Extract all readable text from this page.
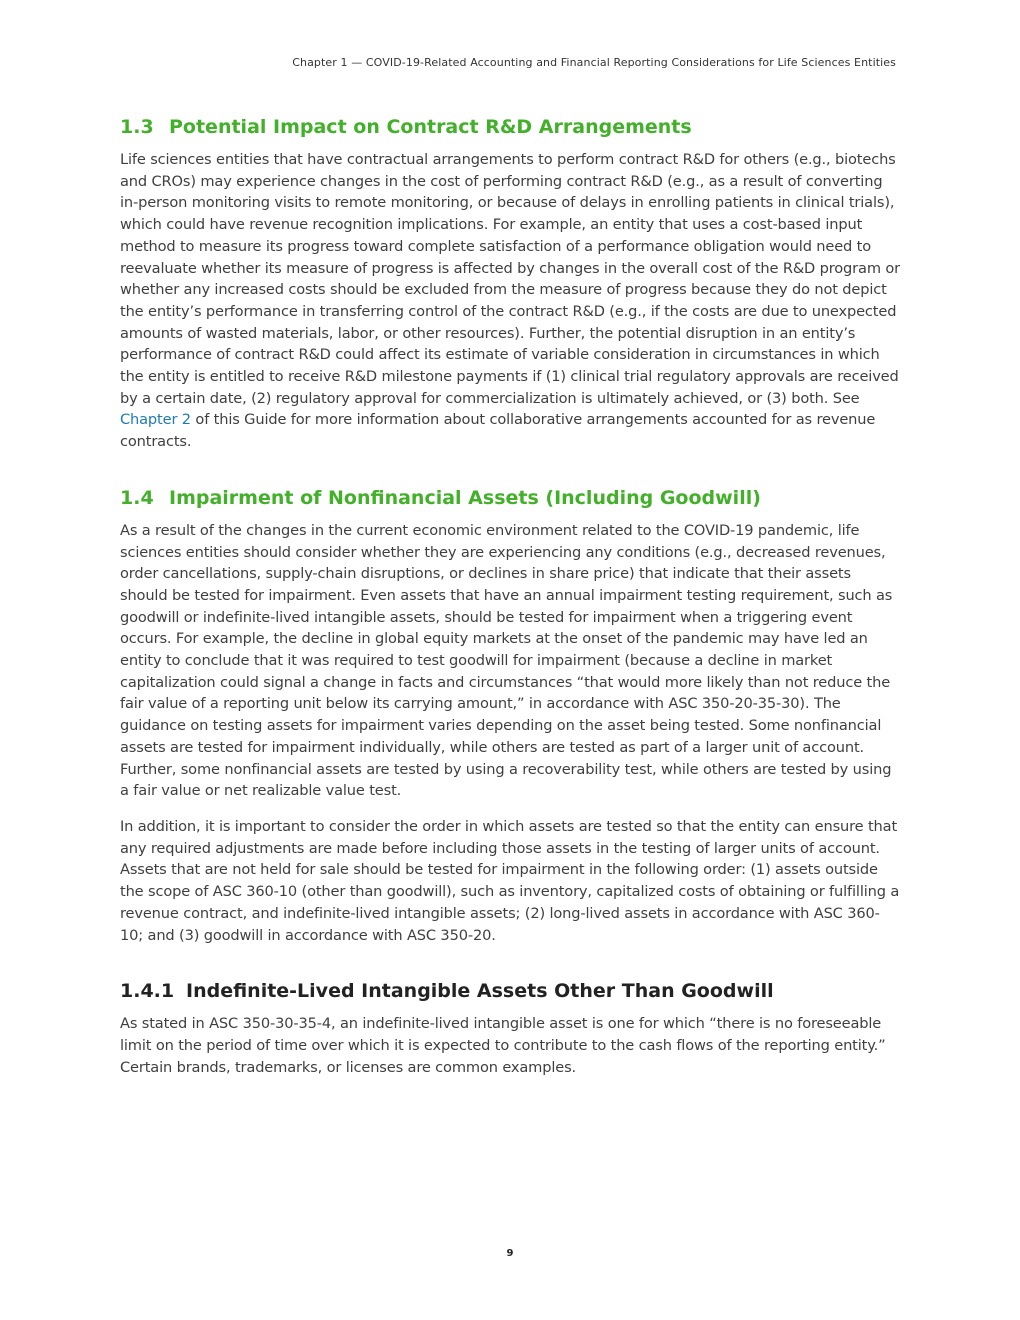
Chapter 1 — COVID-19-Related Accounting and Financial Reporting Considerations for Life Sciences Entities
1.3 Potential Impact on Contract R&D Arrangements

Life sciences entities that have contractual arrangements to perform contract R&D for others (e.g., biotechs and CROs) may experience changes in the cost of performing contract R&D (e.g., as a result of converting in-person monitoring visits to remote monitoring, or because of delays in enrolling patients in clinical trials), which could have revenue recognition implications. For example, an entity that uses a cost-based input method to measure its progress toward complete satisfaction of a performance obligation would need to reevaluate whether its measure of progress is affected by changes in the overall cost of the R&D program or whether any increased costs should be excluded from the measure of progress because they do not depict the entity’s performance in transferring control of the contract R&D (e.g., if the costs are due to unexpected amounts of wasted materials, labor, or other resources). Further, the potential disruption in an entity’s performance of contract R&D could affect its estimate of variable consideration in circumstances in which the entity is entitled to receive R&D milestone payments if (1) clinical trial regulatory approvals are received by a certain date, (2) regulatory approval for commercialization is ultimately achieved, or (3) both. See Chapter 2 of this Guide for more information about collaborative arrangements accounted for as revenue contracts.

1.4 Impairment of Nonfinancial Assets (Including Goodwill)

As a result of the changes in the current economic environment related to the COVID-19 pandemic, life sciences entities should consider whether they are experiencing any conditions (e.g., decreased revenues, order cancellations, supply-chain disruptions, or declines in share price) that indicate that their assets should be tested for impairment. Even assets that have an annual impairment testing requirement, such as goodwill or indefinite-lived intangible assets, should be tested for impairment when a triggering event occurs. For example, the decline in global equity markets at the onset of the pandemic may have led an entity to conclude that it was required to test goodwill for impairment (because a decline in market capitalization could signal a change in facts and circumstances “that would more likely than not reduce the fair value of a reporting unit below its carrying amount,” in accordance with ASC 350-20-35-30). The guidance on testing assets for impairment varies depending on the asset being tested. Some nonfinancial assets are tested for impairment individually, while others are tested as part of a larger unit of account. Further, some nonfinancial assets are tested by using a recoverability test, while others are tested by using a fair value or net realizable value test.

In addition, it is important to consider the order in which assets are tested so that the entity can ensure that any required adjustments are made before including those assets in the testing of larger units of account. Assets that are not held for sale should be tested for impairment in the following order: (1) assets outside the scope of ASC 360-10 (other than goodwill), such as inventory, capitalized costs of obtaining or fulfilling a revenue contract, and indefinite-lived intangible assets; (2) long-lived assets in accordance with ASC 360-10; and (3) goodwill in accordance with ASC 350-20.

1.4.1 Indefinite-Lived Intangible Assets Other Than Goodwill

As stated in ASC 350-30-35-4, an indefinite-lived intangible asset is one for which “there is no foreseeable limit on the period of time over which it is expected to contribute to the cash flows of the reporting entity.” Certain brands, trademarks, or licenses are common examples.

9
